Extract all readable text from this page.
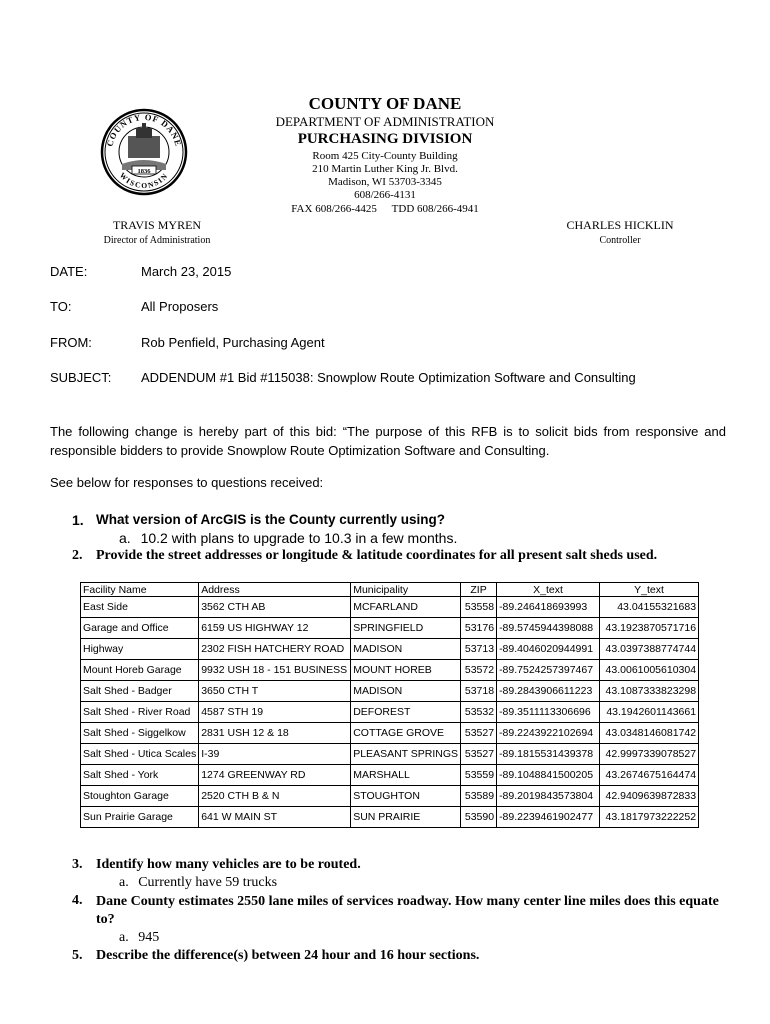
COUNTY OF DANE
WISCONSIN
1836
COUNTY OF DANE
DEPARTMENT OF ADMINISTRATION
PURCHASING DIVISION
Room 425 City-County Building
210 Martin Luther King Jr. Blvd.
Madison, WI 53703-3345
608/266-4131
FAX 608/266-4425 TDD 608/266-4941
TRAVIS MYREN
Director of Administration
CHARLES HICKLIN
Controller
DATE:	March 23, 2015
TO:	All Proposers
FROM:	Rob Penfield, Purchasing Agent
SUBJECT: ADDENDUM #1 Bid #115038: Snowplow Route Optimization Software and Consulting
The following change is hereby part of this bid: “The purpose of this RFB is to solicit bids from responsive and responsible bidders to provide Snowplow Route Optimization Software and Consulting.
See below for responses to questions received:
1. What version of ArcGIS is the County currently using?
a. 10.2 with plans to upgrade to 10.3 in a few months.
2. Provide the street addresses or longitude & latitude coordinates for all present salt sheds used.
Facility Name	Address	Municipality	ZIP	X_text	Y_text
East Side	3562 CTH AB	MCFARLAND	53558	-89.246418693993	43.04155321683
Garage and Office	6159 US HIGHWAY 12	SPRINGFIELD	53176	-89.5745944398088	43.1923870571716
Highway	2302 FISH HATCHERY ROAD	MADISON	53713	-89.4046020944991	43.0397388774744
Mount Horeb Garage	9932 USH 18 - 151 BUSINESS	MOUNT HOREB	53572	-89.7524257397467	43.0061005610304
Salt Shed - Badger	3650 CTH T	MADISON	53718	-89.2843906611223	43.1087333823298
Salt Shed - River Road	4587 STH 19	DEFOREST	53532	-89.3511113306696	43.1942601143661
Salt Shed - Siggelkow	2831 USH 12 & 18	COTTAGE GROVE	53527	-89.2243922102694	43.0348146081742
Salt Shed - Utica Scales	I-39	PLEASANT SPRINGS	53527	-89.1815531439378	42.9997339078527
Salt Shed - York	1274 GREENWAY RD	MARSHALL	53559	-89.1048841500205	43.2674675164474
Stoughton Garage	2520 CTH B & N	STOUGHTON	53589	-89.2019843573804	42.9409639872833
Sun Prairie Garage	641 W MAIN ST	SUN PRAIRIE	53590	-89.2239461902477	43.1817973222252
3. Identify how many vehicles are to be routed.
a. Currently have 59 trucks
4. Dane County estimates 2550 lane miles of services roadway. How many center line miles does this equate to?
a. 945
5. Describe the difference(s) between 24 hour and 16 hour sections.
